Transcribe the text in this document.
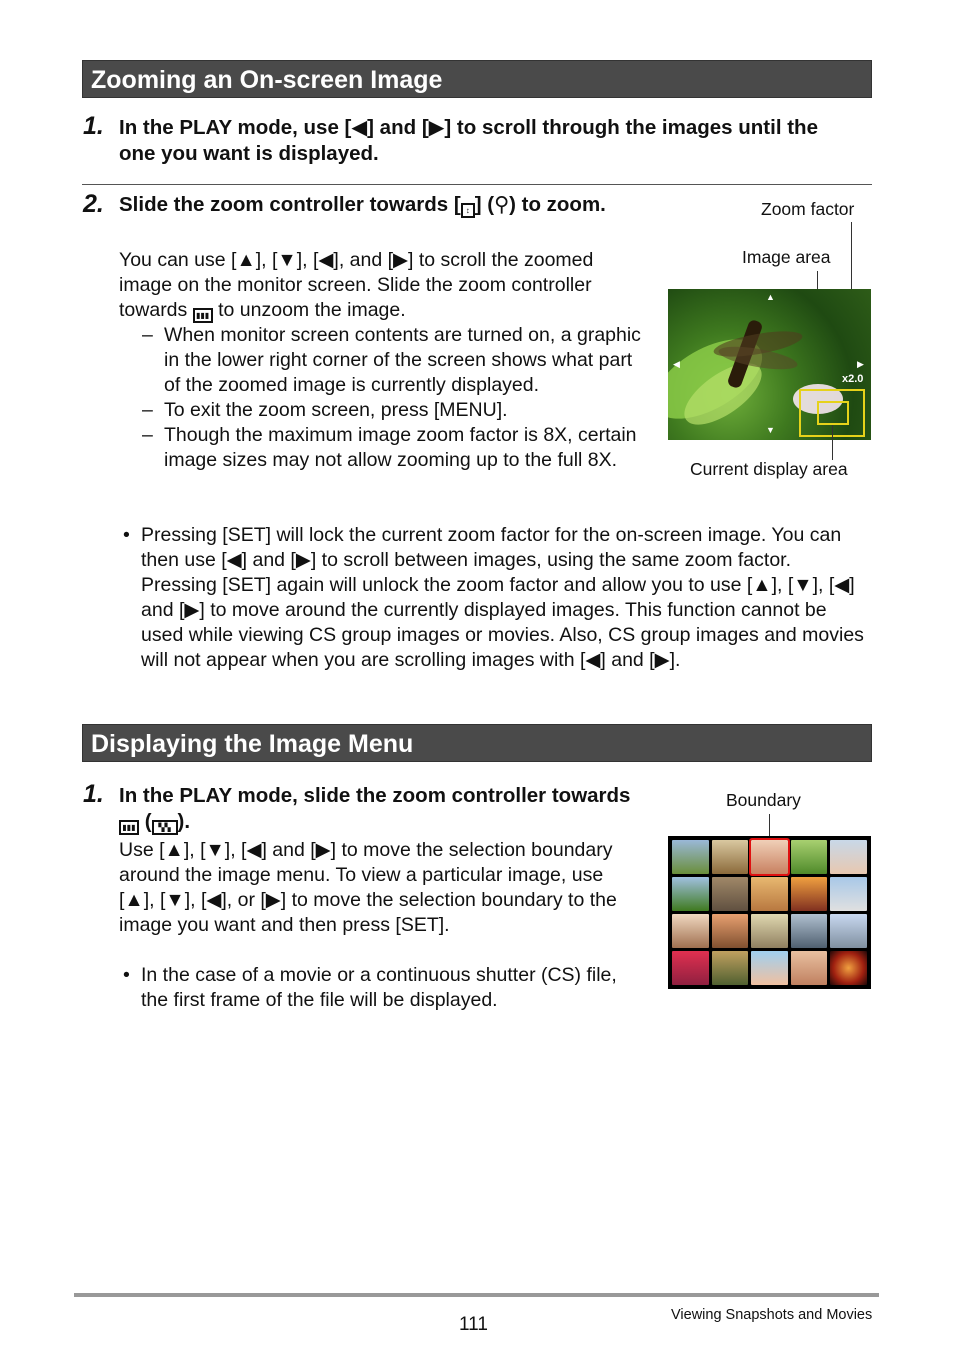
Zooming an On-screen Image
1. In the PLAY mode, use [◀] and [▶] to scroll through the images until the one you want is displayed.
2. Slide the zoom controller towards [ ↕ ] (⚲) to zoom.
You can use [▲], [▼], [◀], and [▶] to scroll the zoomed image on the monitor screen. Slide the zoom controller towards ▮▮▮ to unzoom the image.
– When monitor screen contents are turned on, a graphic in the lower right corner of the screen shows what part of the zoomed image is currently displayed.
– To exit the zoom screen, press [MENU].
– Though the maximum image zoom factor is 8X, certain image sizes may not allow zooming up to the full 8X.
• Pressing [SET] will lock the current zoom factor for the on-screen image. You can then use [◀] and [▶] to scroll between images, using the same zoom factor. Pressing [SET] again will unlock the zoom factor and allow you to use [▲], [▼], [◀] and [▶] to move around the currently displayed images. This function cannot be used while viewing CS group images or movies. Also, CS group images and movies will not appear when you are scrolling images with [◀] and [▶].
Zoom factor
Image area
▲
▼
◀	▶
x2.0
Current display area
Displaying the Image Menu
1. In the PLAY mode, slide the zoom controller towards ▮▮▮ ( ▚▚ ).
Use [▲], [▼], [◀] and [▶] to move the selection boundary around the image menu. To view a particular image, use [▲], [▼], [◀], or [▶] to move the selection boundary to the image you want and then press [SET].
• In the case of a movie or a continuous shutter (CS) file, the first frame of the file will be displayed.
Boundary
111	Viewing Snapshots and Movies
